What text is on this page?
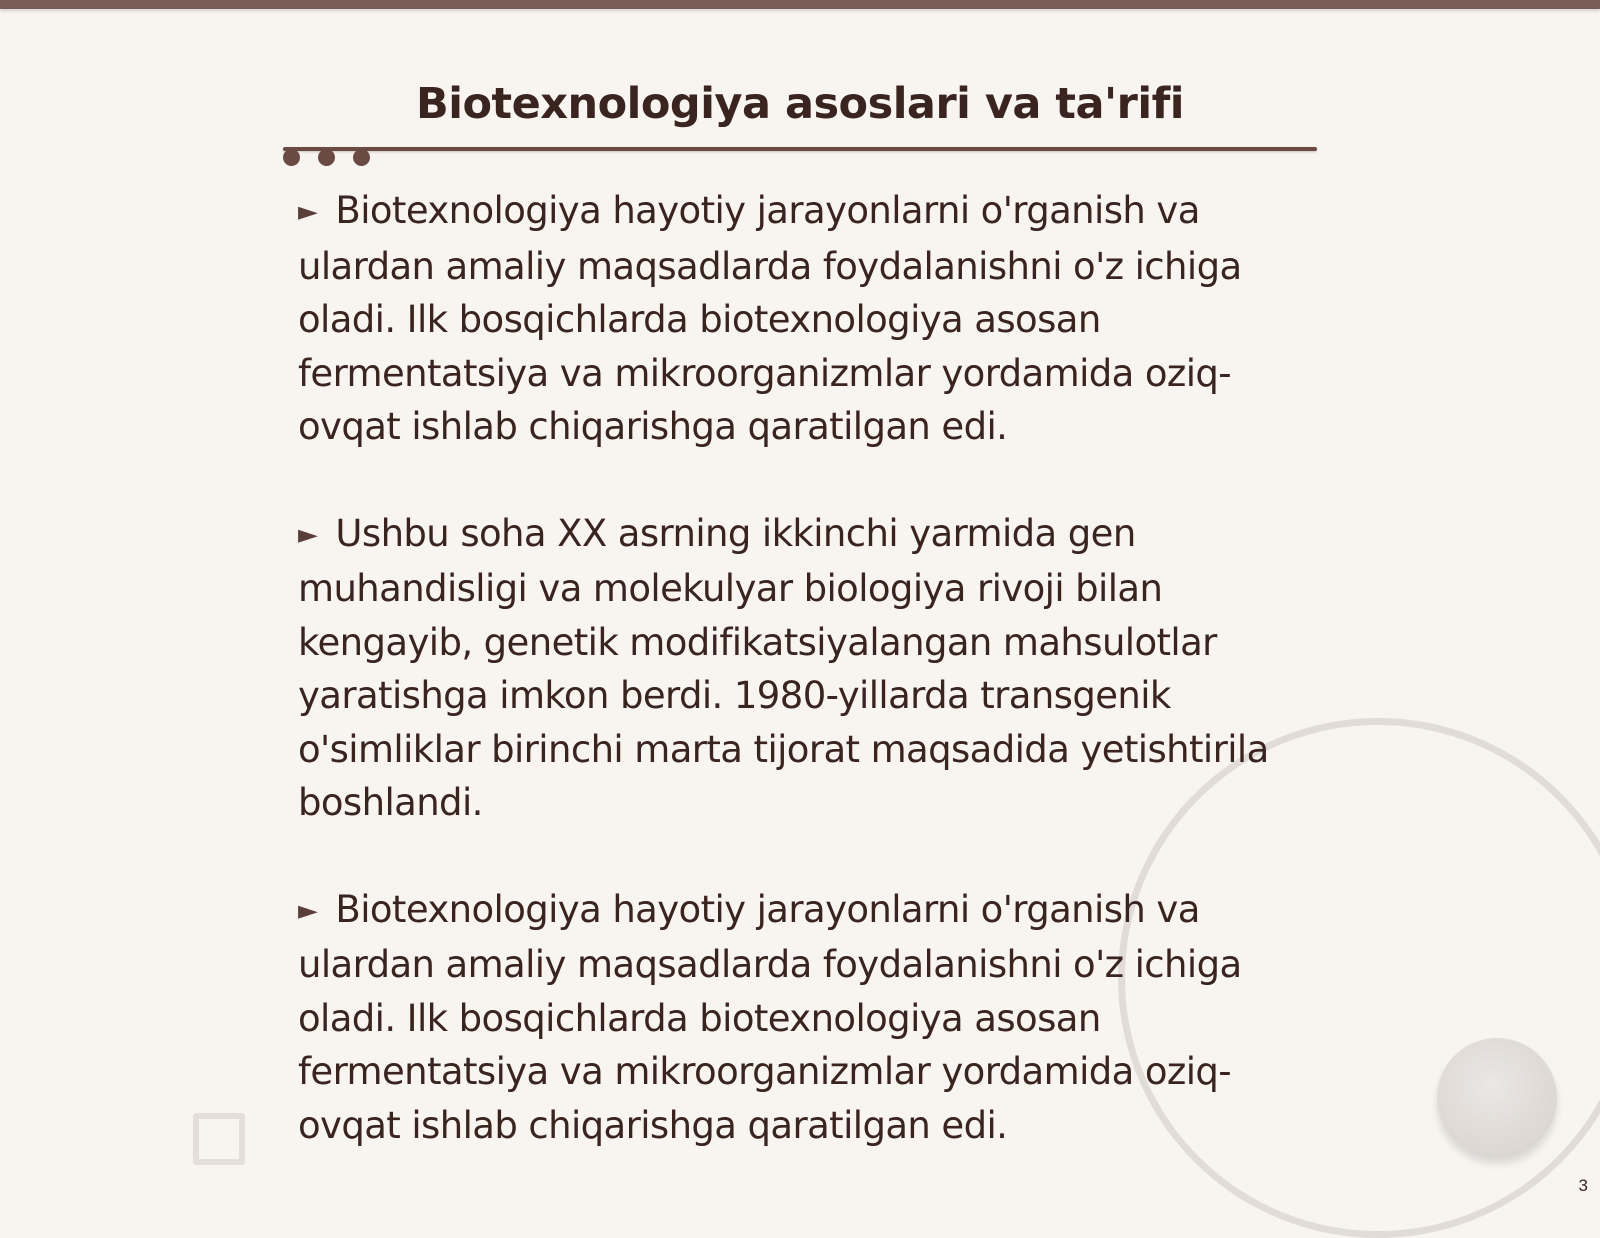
Biotexnologiya asoslari va ta'rifi

► Biotexnologiya hayotiy jarayonlarni o'rganish va ulardan amaliy maqsadlarda foydalanishni o'z ichiga oladi. Ilk bosqichlarda biotexnologiya asosan fermentatsiya va mikroorganizmlar yordamida oziq-ovqat ishlab chiqarishga qaratilgan edi.

► Ushbu soha XX asrning ikkinchi yarmida gen muhandisligi va molekulyar biologiya rivoji bilan kengayib, genetik modifikatsiyalangan mahsulotlar yaratishga imkon berdi. 1980-yillarda transgenik o'simliklar birinchi marta tijorat maqsadida yetishtirila boshlandi.

► Biotexnologiya hayotiy jarayonlarni o'rganish va ulardan amaliy maqsadlarda foydalanishni o'z ichiga oladi. Ilk bosqichlarda biotexnologiya asosan fermentatsiya va mikroorganizmlar yordamida oziq-ovqat ishlab chiqarishga qaratilgan edi.

3
